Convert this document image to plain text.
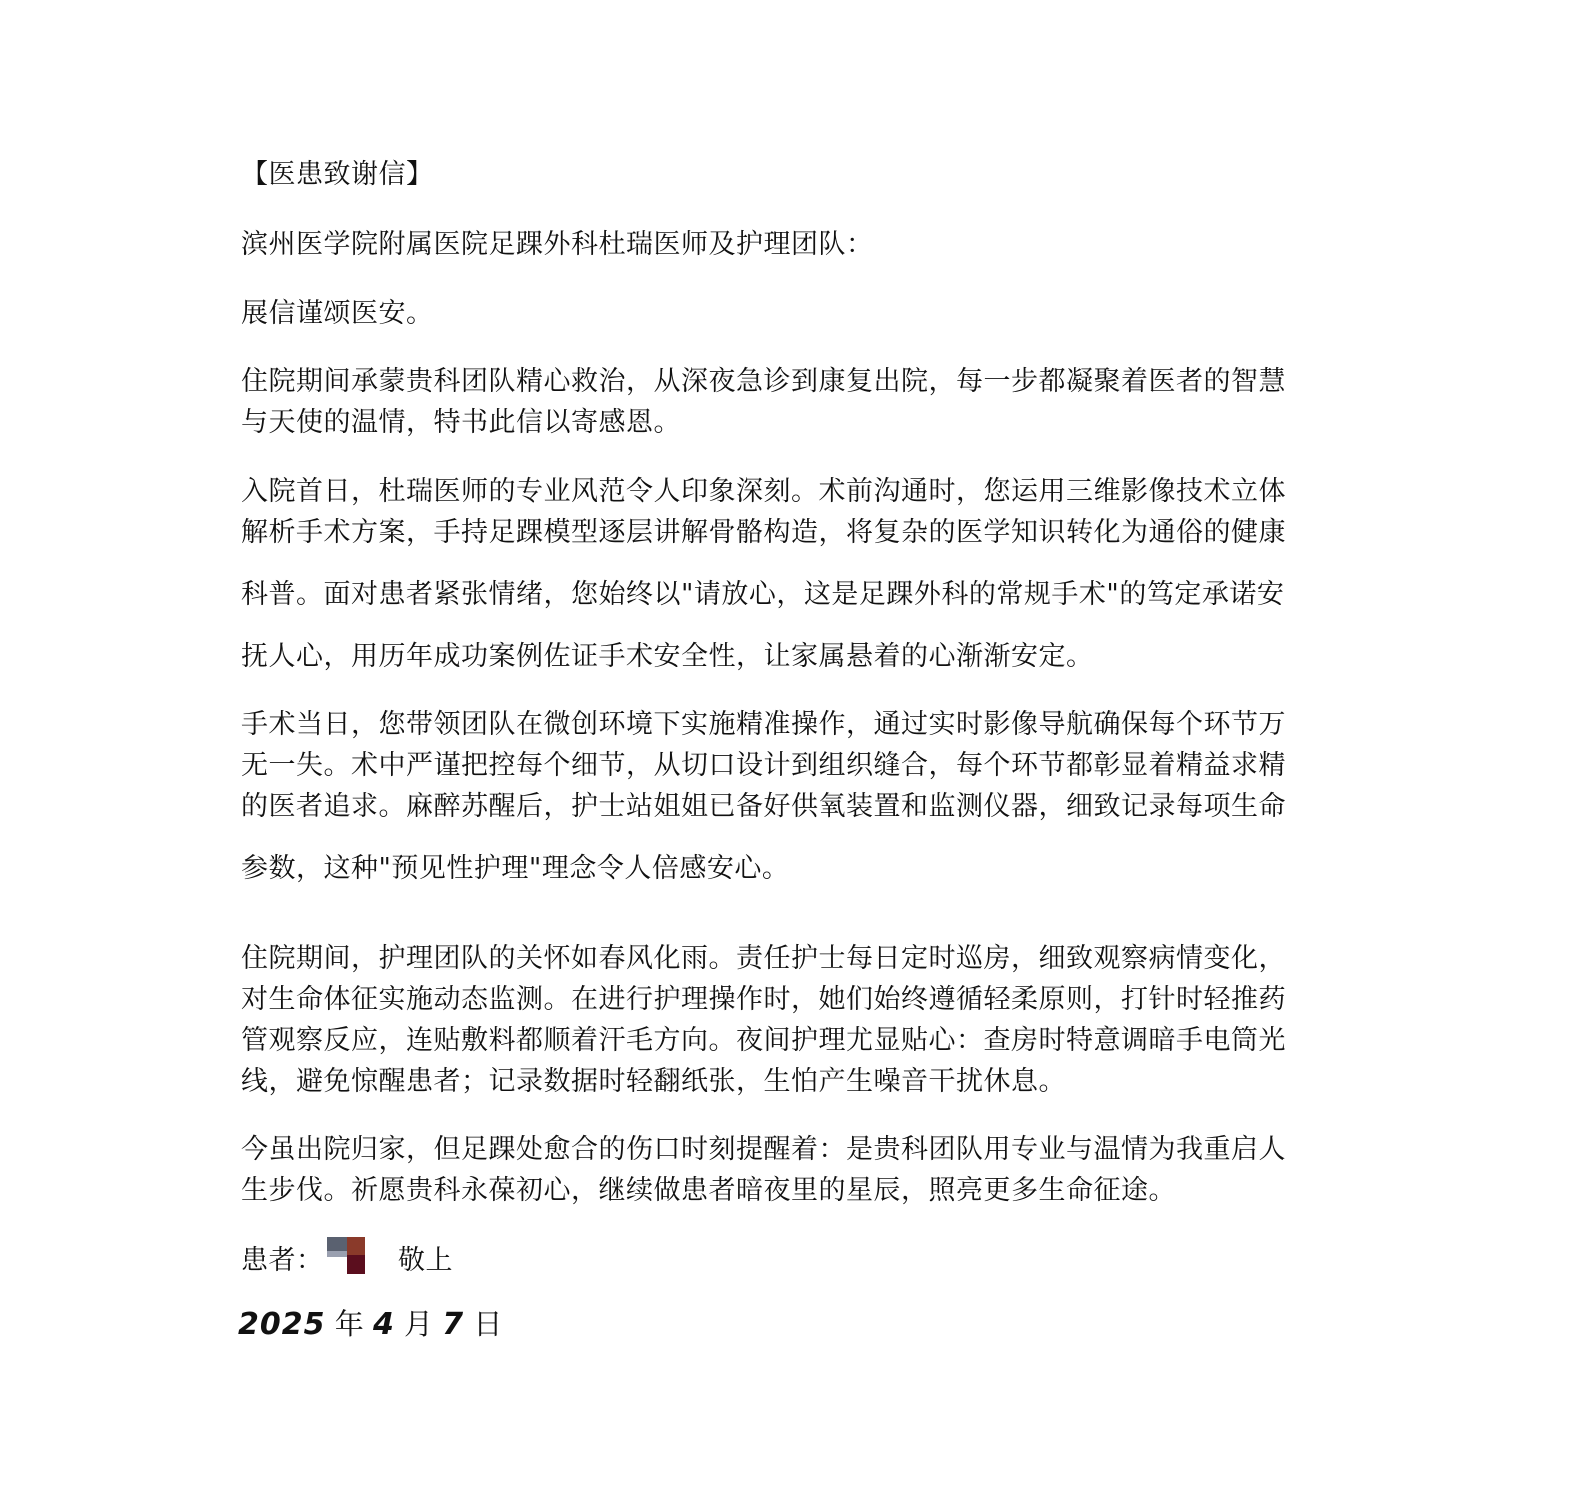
【医患致谢信】

滨州医学院附属医院足踝外科杜瑞医师及护理团队：

展信谨颂医安。

住院期间承蒙贵科团队精心救治，从深夜急诊到康复出院，每一步都凝聚着医者的智慧

与天使的温情，特书此信以寄感恩。

入院首日，杜瑞医师的专业风范令人印象深刻。术前沟通时，您运用三维影像技术立体

解析手术方案，手持足踝模型逐层讲解骨骼构造，将复杂的医学知识转化为通俗的健康

科普。面对患者紧张情绪，您始终以"请放心，这是足踝外科的常规手术"的笃定承诺安

抚人心，用历年成功案例佐证手术安全性，让家属悬着的心渐渐安定。

手术当日，您带领团队在微创环境下实施精准操作，通过实时影像导航确保每个环节万

无一失。术中严谨把控每个细节，从切口设计到组织缝合，每个环节都彰显着精益求精

的医者追求。麻醉苏醒后，护士站姐姐已备好供氧装置和监测仪器，细致记录每项生命

参数，这种"预见性护理"理念令人倍感安心。

住院期间，护理团队的关怀如春风化雨。责任护士每日定时巡房，细致观察病情变化，

对生命体征实施动态监测。在进行护理操作时，她们始终遵循轻柔原则，打针时轻推药

管观察反应，连贴敷料都顺着汗毛方向。夜间护理尤显贴心：查房时特意调暗手电筒光

线，避免惊醒患者；记录数据时轻翻纸张，生怕产生噪音干扰休息。

今虽出院归家，但足踝处愈合的伤口时刻提醒着：是贵科团队用专业与温情为我重启人

生步伐。祈愿贵科永葆初心，继续做患者暗夜里的星辰，照亮更多生命征途。

患者：	敬上

2025 年 4 月 7 日
